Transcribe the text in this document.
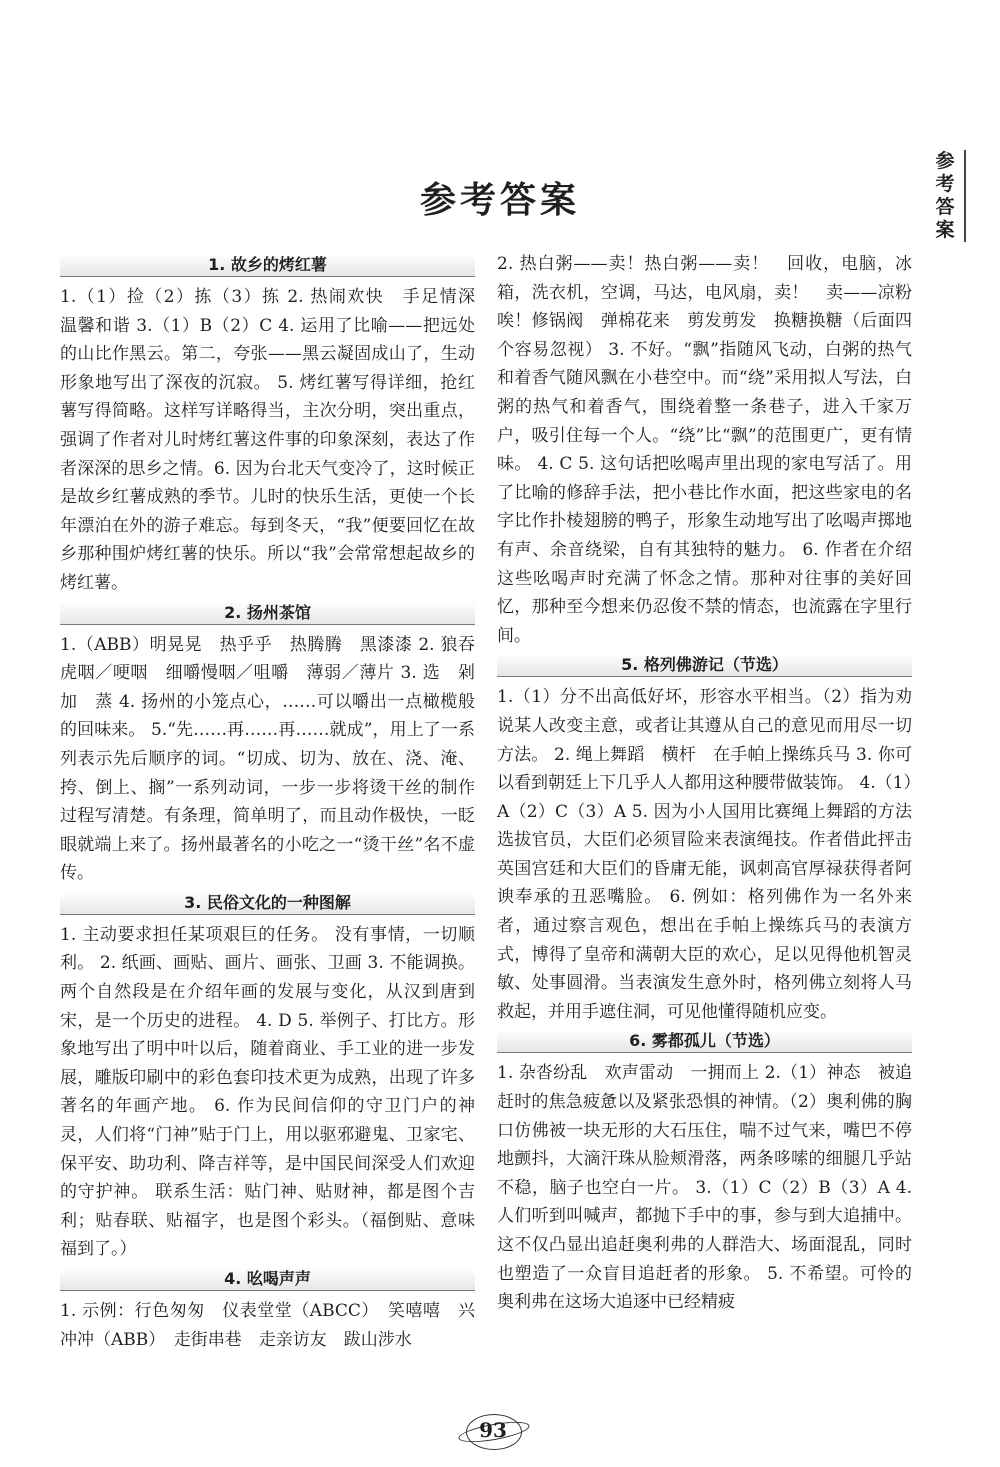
参考答案
参
考
答
案
1. 故乡的烤红薯
1.（1）捡（2）拣（3）拣 2. 热闹欢快　手足情深　温馨和谐 3.（1）B（2）C 4. 运用了比喻——把远处的山比作黑云。第二，夸张——黑云凝固成山了，生动形象地写出了深夜的沉寂。 5. 烤红薯写得详细，抢红薯写得简略。这样写详略得当，主次分明，突出重点，强调了作者对儿时烤红薯这件事的印象深刻，表达了作者深深的思乡之情。6. 因为台北天气变冷了，这时候正是故乡红薯成熟的季节。儿时的快乐生活，更使一个长年漂泊在外的游子难忘。每到冬天，“我”便要回忆在故乡那种围炉烤红薯的快乐。所以“我”会常常想起故乡的烤红薯。
2. 扬州茶馆
1.（ABB）明晃晃　热乎乎　热腾腾　黑漆漆 2. 狼吞虎咽／哽咽　细嚼慢咽／咀嚼　薄弱／薄片 3. 选　剁　加　蒸 4. 扬州的小笼点心，……可以嚼出一点橄榄般的回味来。 5.“先……再……再……就成”，用上了一系列表示先后顺序的词。“切成、切为、放在、浇、淹、挎、倒上、搁”一系列动词，一步一步将烫干丝的制作过程写清楚。有条理，简单明了，而且动作极快，一眨眼就端上来了。扬州最著名的小吃之一“烫干丝”名不虚传。
3. 民俗文化的一种图解
1. 主动要求担任某项艰巨的任务。 没有事情，一切顺利。 2. 纸画、画贴、画片、画张、卫画 3. 不能调换。两个自然段是在介绍年画的发展与变化，从汉到唐到宋，是一个历史的进程。 4. D 5. 举例子、打比方。形象地写出了明中叶以后，随着商业、手工业的进一步发展，雕版印刷中的彩色套印技术更为成熟，出现了许多著名的年画产地。 6. 作为民间信仰的守卫门户的神灵，人们将“门神”贴于门上，用以驱邪避鬼、卫家宅、保平安、助功利、降吉祥等，是中国民间深受人们欢迎的守护神。 联系生活：贴门神、贴财神，都是图个吉利；贴春联、贴福字，也是图个彩头。（福倒贴、意味福到了。）
4. 吆喝声声
1. 示例：行色匆匆　仪表堂堂（ABCC）　笑嘻嘻　兴冲冲（ABB）　走街串巷　走亲访友　跋山涉水
2. 热白粥——卖！热白粥——卖！　回收，电脑，冰箱，洗衣机，空调，马达，电风扇，卖！　卖——凉粉唉！修锅阀　弹棉花来　剪发剪发　换糖换糖（后面四个容易忽视） 3. 不好。“飘”指随风飞动，白粥的热气和着香气随风飘在小巷空中。而“绕”采用拟人写法，白粥的热气和着香气，围绕着整一条巷子，进入千家万户，吸引住每一个人。“绕”比“飘”的范围更广，更有情味。 4. C 5. 这句话把吆喝声里出现的家电写活了。用了比喻的修辞手法，把小巷比作水面，把这些家电的名字比作扑棱翅膀的鸭子，形象生动地写出了吆喝声掷地有声、余音绕梁，自有其独特的魅力。 6. 作者在介绍这些吆喝声时充满了怀念之情。那种对往事的美好回忆，那种至今想来仍忍俊不禁的情态，也流露在字里行间。
5. 格列佛游记（节选）
1.（1）分不出高低好坏，形容水平相当。（2）指为劝说某人改变主意，或者让其遵从自己的意见而用尽一切方法。 2. 绳上舞蹈　横杆　在手帕上操练兵马 3. 你可以看到朝廷上下几乎人人都用这种腰带做装饰。 4.（1）A（2）C（3）A 5. 因为小人国用比赛绳上舞蹈的方法选拔官员，大臣们必须冒险来表演绳技。作者借此抨击英国宫廷和大臣们的昏庸无能，讽刺高官厚禄获得者阿谀奉承的丑恶嘴脸。 6. 例如：格列佛作为一名外来者，通过察言观色，想出在手帕上操练兵马的表演方式，博得了皇帝和满朝大臣的欢心，足以见得他机智灵敏、处事圆滑。当表演发生意外时，格列佛立刻将人马救起，并用手遮住洞，可见他懂得随机应变。
6. 雾都孤儿（节选）
1. 杂沓纷乱　欢声雷动　一拥而上 2.（1）神态　被追赶时的焦急疲惫以及紧张恐惧的神情。（2）奥利佛的胸口仿佛被一块无形的大石压住，喘不过气来，嘴巴不停地颤抖，大滴汗珠从脸颊滑落，两条哆嗦的细腿几乎站不稳，脑子也空白一片。 3.（1）C（2）B（3）A 4. 人们听到叫喊声，都抛下手中的事，参与到大追捕中。这不仅凸显出追赶奥利弗的人群浩大、场面混乱，同时也塑造了一众盲目追赶者的形象。 5. 不希望。可怜的奥利弗在这场大追逐中已经精疲
93
